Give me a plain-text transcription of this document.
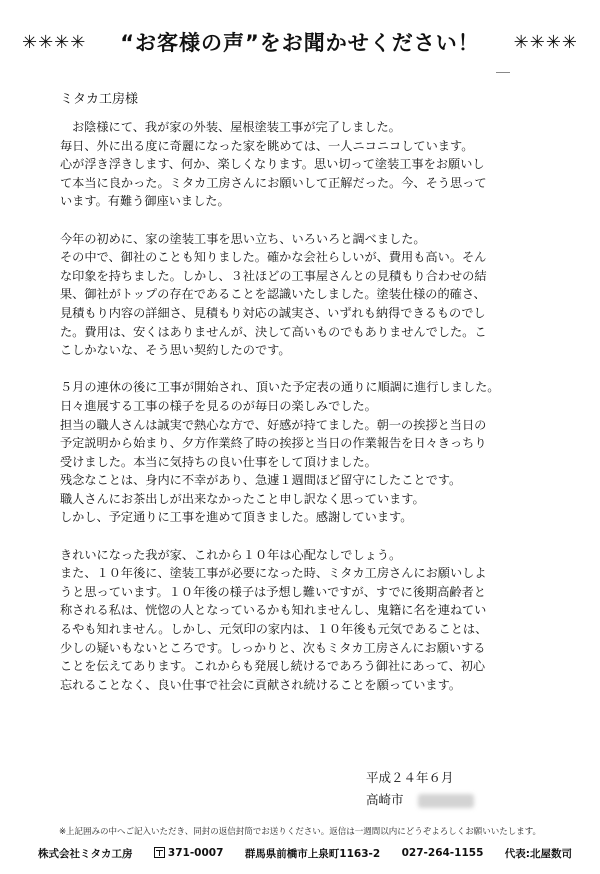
✳✳✳✳ “お客様の声”をお聞かせください！ ✳✳✳✳
ミタカ工房様
お陰様にて、我が家の外装、屋根塗装工事が完了しました。
毎日、外に出る度に奇麗になった家を眺めては、一人ニコニコしています。
心が浮き浮きします、何か、楽しくなります。思い切って塗装工事をお願いし
て本当に良かった。ミタカ工房さんにお願いして正解だった。今、そう思って
います。有難う御座いました。
今年の初めに、家の塗装工事を思い立ち、いろいろと調べました。
その中で、御社のことも知りました。確かな会社らしいが、費用も高い。そん
な印象を持ちました。しかし、３社ほどの工事屋さんとの見積もり合わせの結
果、御社がトップの存在であることを認識いたしました。塗装仕様の的確さ、
見積もり内容の詳細さ、見積もり対応の誠実さ、いずれも納得できるものでし
た。費用は、安くはありませんが、決して高いものでもありませんでした。こ
こしかないな、そう思い契約したのです。
５月の連休の後に工事が開始され、頂いた予定表の通りに順調に進行しました。
日々進展する工事の様子を見るのが毎日の楽しみでした。
担当の職人さんは誠実で熱心な方で、好感が持てました。朝一の挨拶と当日の
予定説明から始まり、夕方作業終了時の挨拶と当日の作業報告を日々きっちり
受けました。本当に気持ちの良い仕事をして頂けました。
残念なことは、身内に不幸があり、急遽１週間ほど留守にしたことです。
職人さんにお茶出しが出来なかったこと申し訳なく思っています。
しかし、予定通りに工事を進めて頂きました。感謝しています。
きれいになった我が家、これから１０年は心配なしでしょう。
また、１０年後に、塗装工事が必要になった時、ミタカ工房さんにお願いしよ
うと思っています。１０年後の様子は予想し難いですが、すでに後期高齢者と
称される私は、恍惚の人となっているかも知れませんし、鬼籍に名を連ねてい
るやも知れません。しかし、元気印の家内は、１０年後も元気であることは、
少しの疑いもないところです。しっかりと、次もミタカ工房さんにお願いする
ことを伝えてあります。これからも発展し続けるであろう御社にあって、初心
忘れることなく、良い仕事で社会に貢献され続けることを願っています。
平成２４年６月
高崎市
※上記囲みの中へご記入いただき、同封の返信封筒でお送りください。返信は一週間以内にどうぞよろしくお願いいたします。
株式会社ミタカ工房	371-0007 群馬県前橋市上泉町1163-2 027-264-1155 代表:北屋数司
